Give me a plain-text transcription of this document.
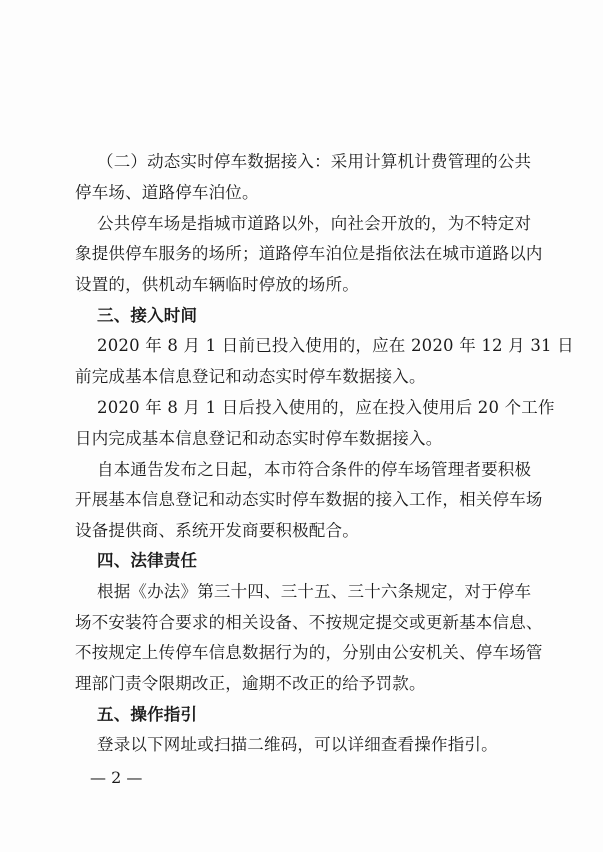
（二）动态实时停车数据接入：采用计算机计费管理的公共
停车场、道路停车泊位。
公共停车场是指城市道路以外，向社会开放的，为不特定对
象提供停车服务的场所；道路停车泊位是指依法在城市道路以内
设置的，供机动车辆临时停放的场所。
三、接入时间
2020 年 8 月 1 日前已投入使用的，应在 2020 年 12 月 31 日
前完成基本信息登记和动态实时停车数据接入。
2020 年 8 月 1 日后投入使用的，应在投入使用后 20 个工作
日内完成基本信息登记和动态实时停车数据接入。
自本通告发布之日起，本市符合条件的停车场管理者要积极
开展基本信息登记和动态实时停车数据的接入工作，相关停车场
设备提供商、系统开发商要积极配合。
四、法律责任
根据《办法》第三十四、三十五、三十六条规定，对于停车
场不安装符合要求的相关设备、不按规定提交或更新基本信息、
不按规定上传停车信息数据行为的，分别由公安机关、停车场管
理部门责令限期改正，逾期不改正的给予罚款。
五、操作指引
登录以下网址或扫描二维码，可以详细查看操作指引。
— 2 —
